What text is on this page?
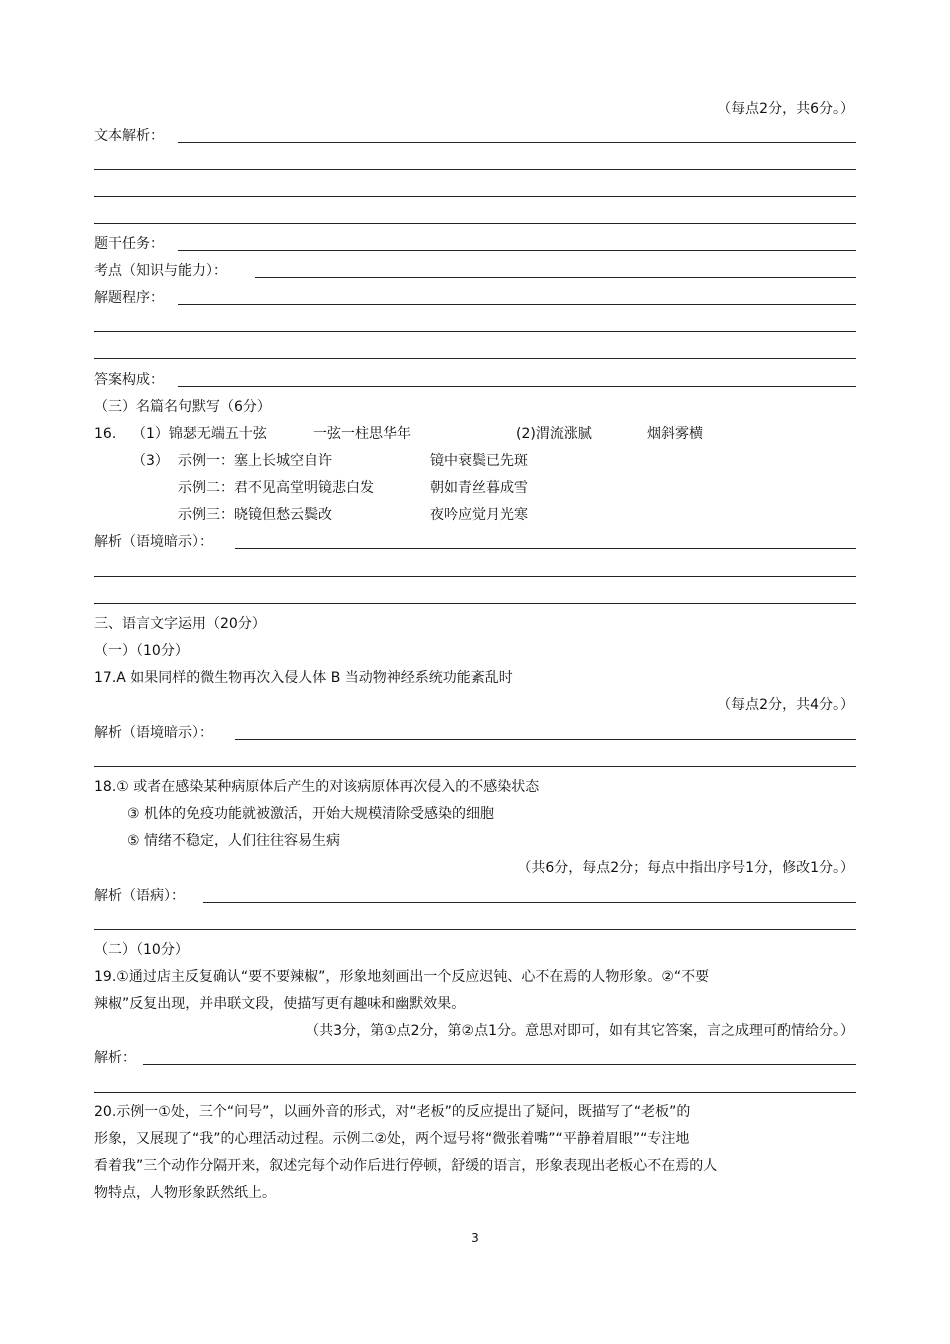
（每点2分，共6分。）
文本解析：
题干任务：
考点（知识与能力）：
解题程序：
答案构成：
（三）名篇名句默写（6分）
16. （1）锦瑟无端五十弦	一弦一柱思华年	(2)渭流涨腻	烟斜雾横
（3） 示例一：塞上长城空自许	镜中衰鬓已先斑
示例二：君不见高堂明镜悲白发	朝如青丝暮成雪
示例三：晓镜但愁云鬓改	夜吟应觉月光寒
解析（语境暗示）：
三、语言文字运用（20分）
（一）（10分）
17.A 如果同样的微生物再次入侵人体 B 当动物神经系统功能紊乱时
（每点2分，共4分。）
解析（语境暗示）：
18.① 或者在感染某种病原体后产生的对该病原体再次侵入的不感染状态
③ 机体的免疫功能就被激活，开始大规模清除受感染的细胞
⑤ 情绪不稳定，人们往往容易生病
（共6分，每点2分；每点中指出序号1分，修改1分。）
解析（语病）：
（二）（10分）
19.①通过店主反复确认“要不要辣椒”，形象地刻画出一个反应迟钝、心不在焉的人物形象。②“不要
辣椒”反复出现，并串联文段，使描写更有趣味和幽默效果。
（共3分，第①点2分，第②点1分。意思对即可，如有其它答案，言之成理可酌情给分。）
解析：
20.示例一①处，三个“问号”，以画外音的形式，对“老板”的反应提出了疑问，既描写了“老板”的
形象，又展现了“我”的心理活动过程。示例二②处，两个逗号将“微张着嘴”“平静着眉眼”“专注地
看着我”三个动作分隔开来，叙述完每个动作后进行停顿，舒缓的语言，形象表现出老板心不在焉的人
物特点，人物形象跃然纸上。
3
